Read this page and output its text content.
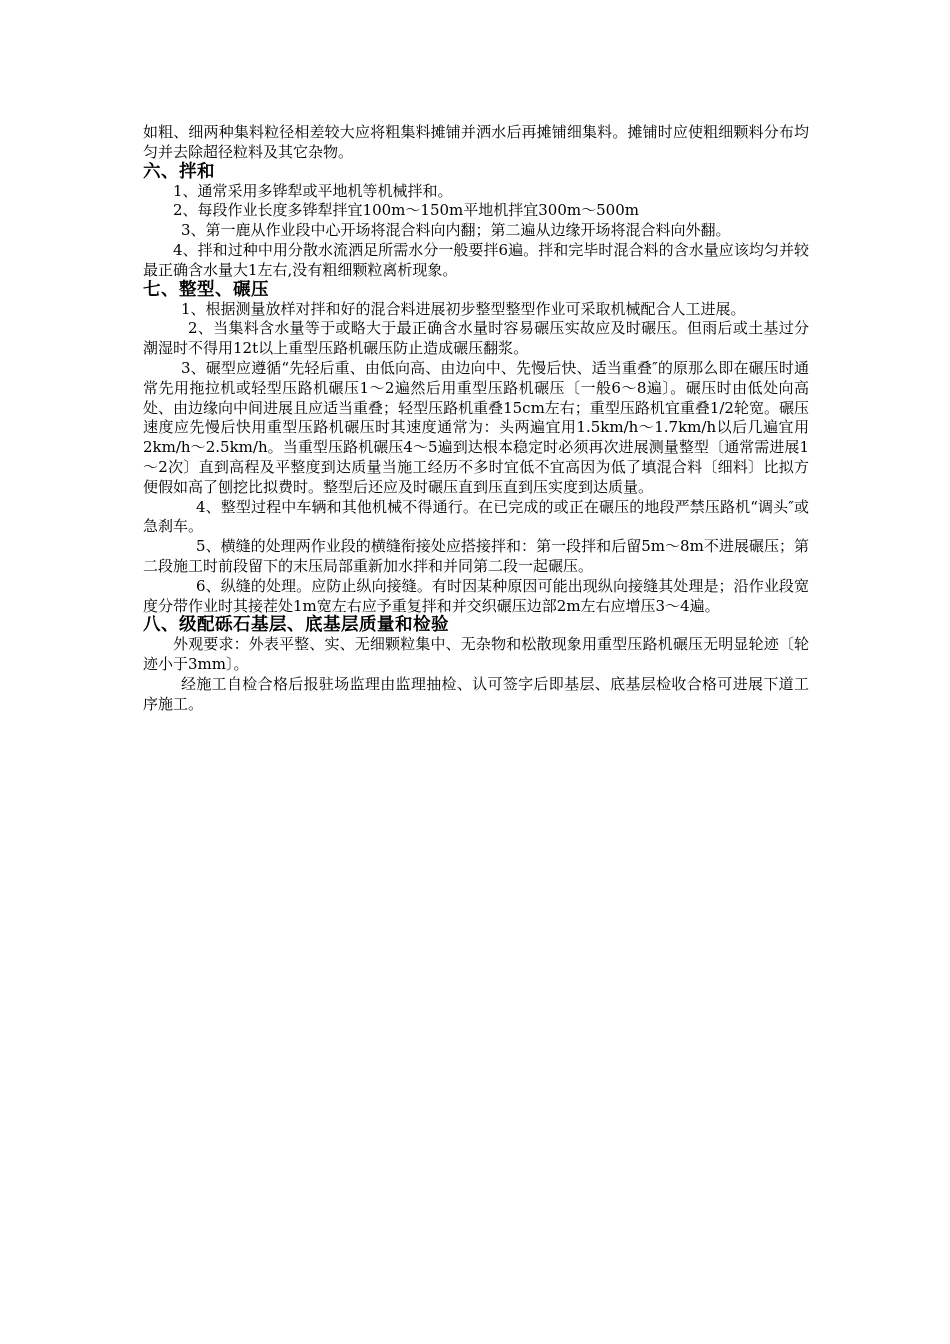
如粗、细两种集料粒径相差较大应将粗集料摊铺并洒水后再摊铺细集料。摊铺时应使粗细颗料分布均匀并去除超径粒料及其它杂物。

六、拌和

1、通常采用多铧犁或平地机等机械拌和。

2、每段作业长度多铧犁拌宜100m～150m平地机拌宜300m～500m

3、第一鹿从作业段中心开场将混合料向内翻；第二遍从边缘开场将混合料向外翻。

4、拌和过种中用分散水流洒足所需水分一般要拌6遍。拌和完毕时混合料的含水量应该均匀并较最正确含水量大1左右,没有粗细颗粒离析现象。

七、整型、碾压

1、根据测量放样对拌和好的混合料进展初步整型整型作业可采取机械配合人工进展。

2、当集料含水量等于或略大于最正确含水量时容易碾压实故应及时碾压。但雨后或土基过分潮湿时不得用12t以上重型压路机碾压防止造成碾压翻浆。

3、碾型应遵循“先轻后重、由低向高、由边向中、先慢后快、适当重叠″的原那么即在碾压时通常先用拖拉机或轻型压路机碾压1～2遍然后用重型压路机碾压〔一般6～8遍〕。碾压时由低处向高处、由边缘向中间进展且应适当重叠；轻型压路机重叠15cm左右；重型压路机宜重叠1/2轮宽。碾压速度应先慢后快用重型压路机碾压时其速度通常为：头两遍宜用1.5km/h～1.7km/h以后几遍宜用2km/h～2.5km/h。当重型压路机碾压4～5遍到达根本稳定时必须再次进展测量整型〔通常需进展1～2次〕直到高程及平整度到达质量当施工经历不多时宜低不宜高因为低了填混合料〔细料〕比拟方便假如高了刨挖比拟费时。整型后还应及时碾压直到压直到压实度到达质量。

4、整型过程中车辆和其他机械不得通行。在已完成的或正在碾压的地段严禁压路机“调头″或急刹车。

5、横缝的处理两作业段的横缝衔接处应搭接拌和：第一段拌和后留5m～8m不进展碾压；第二段施工时前段留下的末压局部重新加水拌和并同第二段一起碾压。

6、纵缝的处理。应防止纵向接缝。有时因某种原因可能出现纵向接缝其处理是；沿作业段宽度分带作业时其接茬处1m宽左右应予重复拌和并交织碾压边部2m左右应增压3～4遍。

八、级配砾石基层、底基层质量和检验

外观要求：外表平整、实、无细颗粒集中、无杂物和松散现象用重型压路机碾压无明显轮迹〔轮迹小于3mm〕。

经施工自检合格后报驻场监理由监理抽检、认可签字后即基层、底基层检收合格可进展下道工序施工。
